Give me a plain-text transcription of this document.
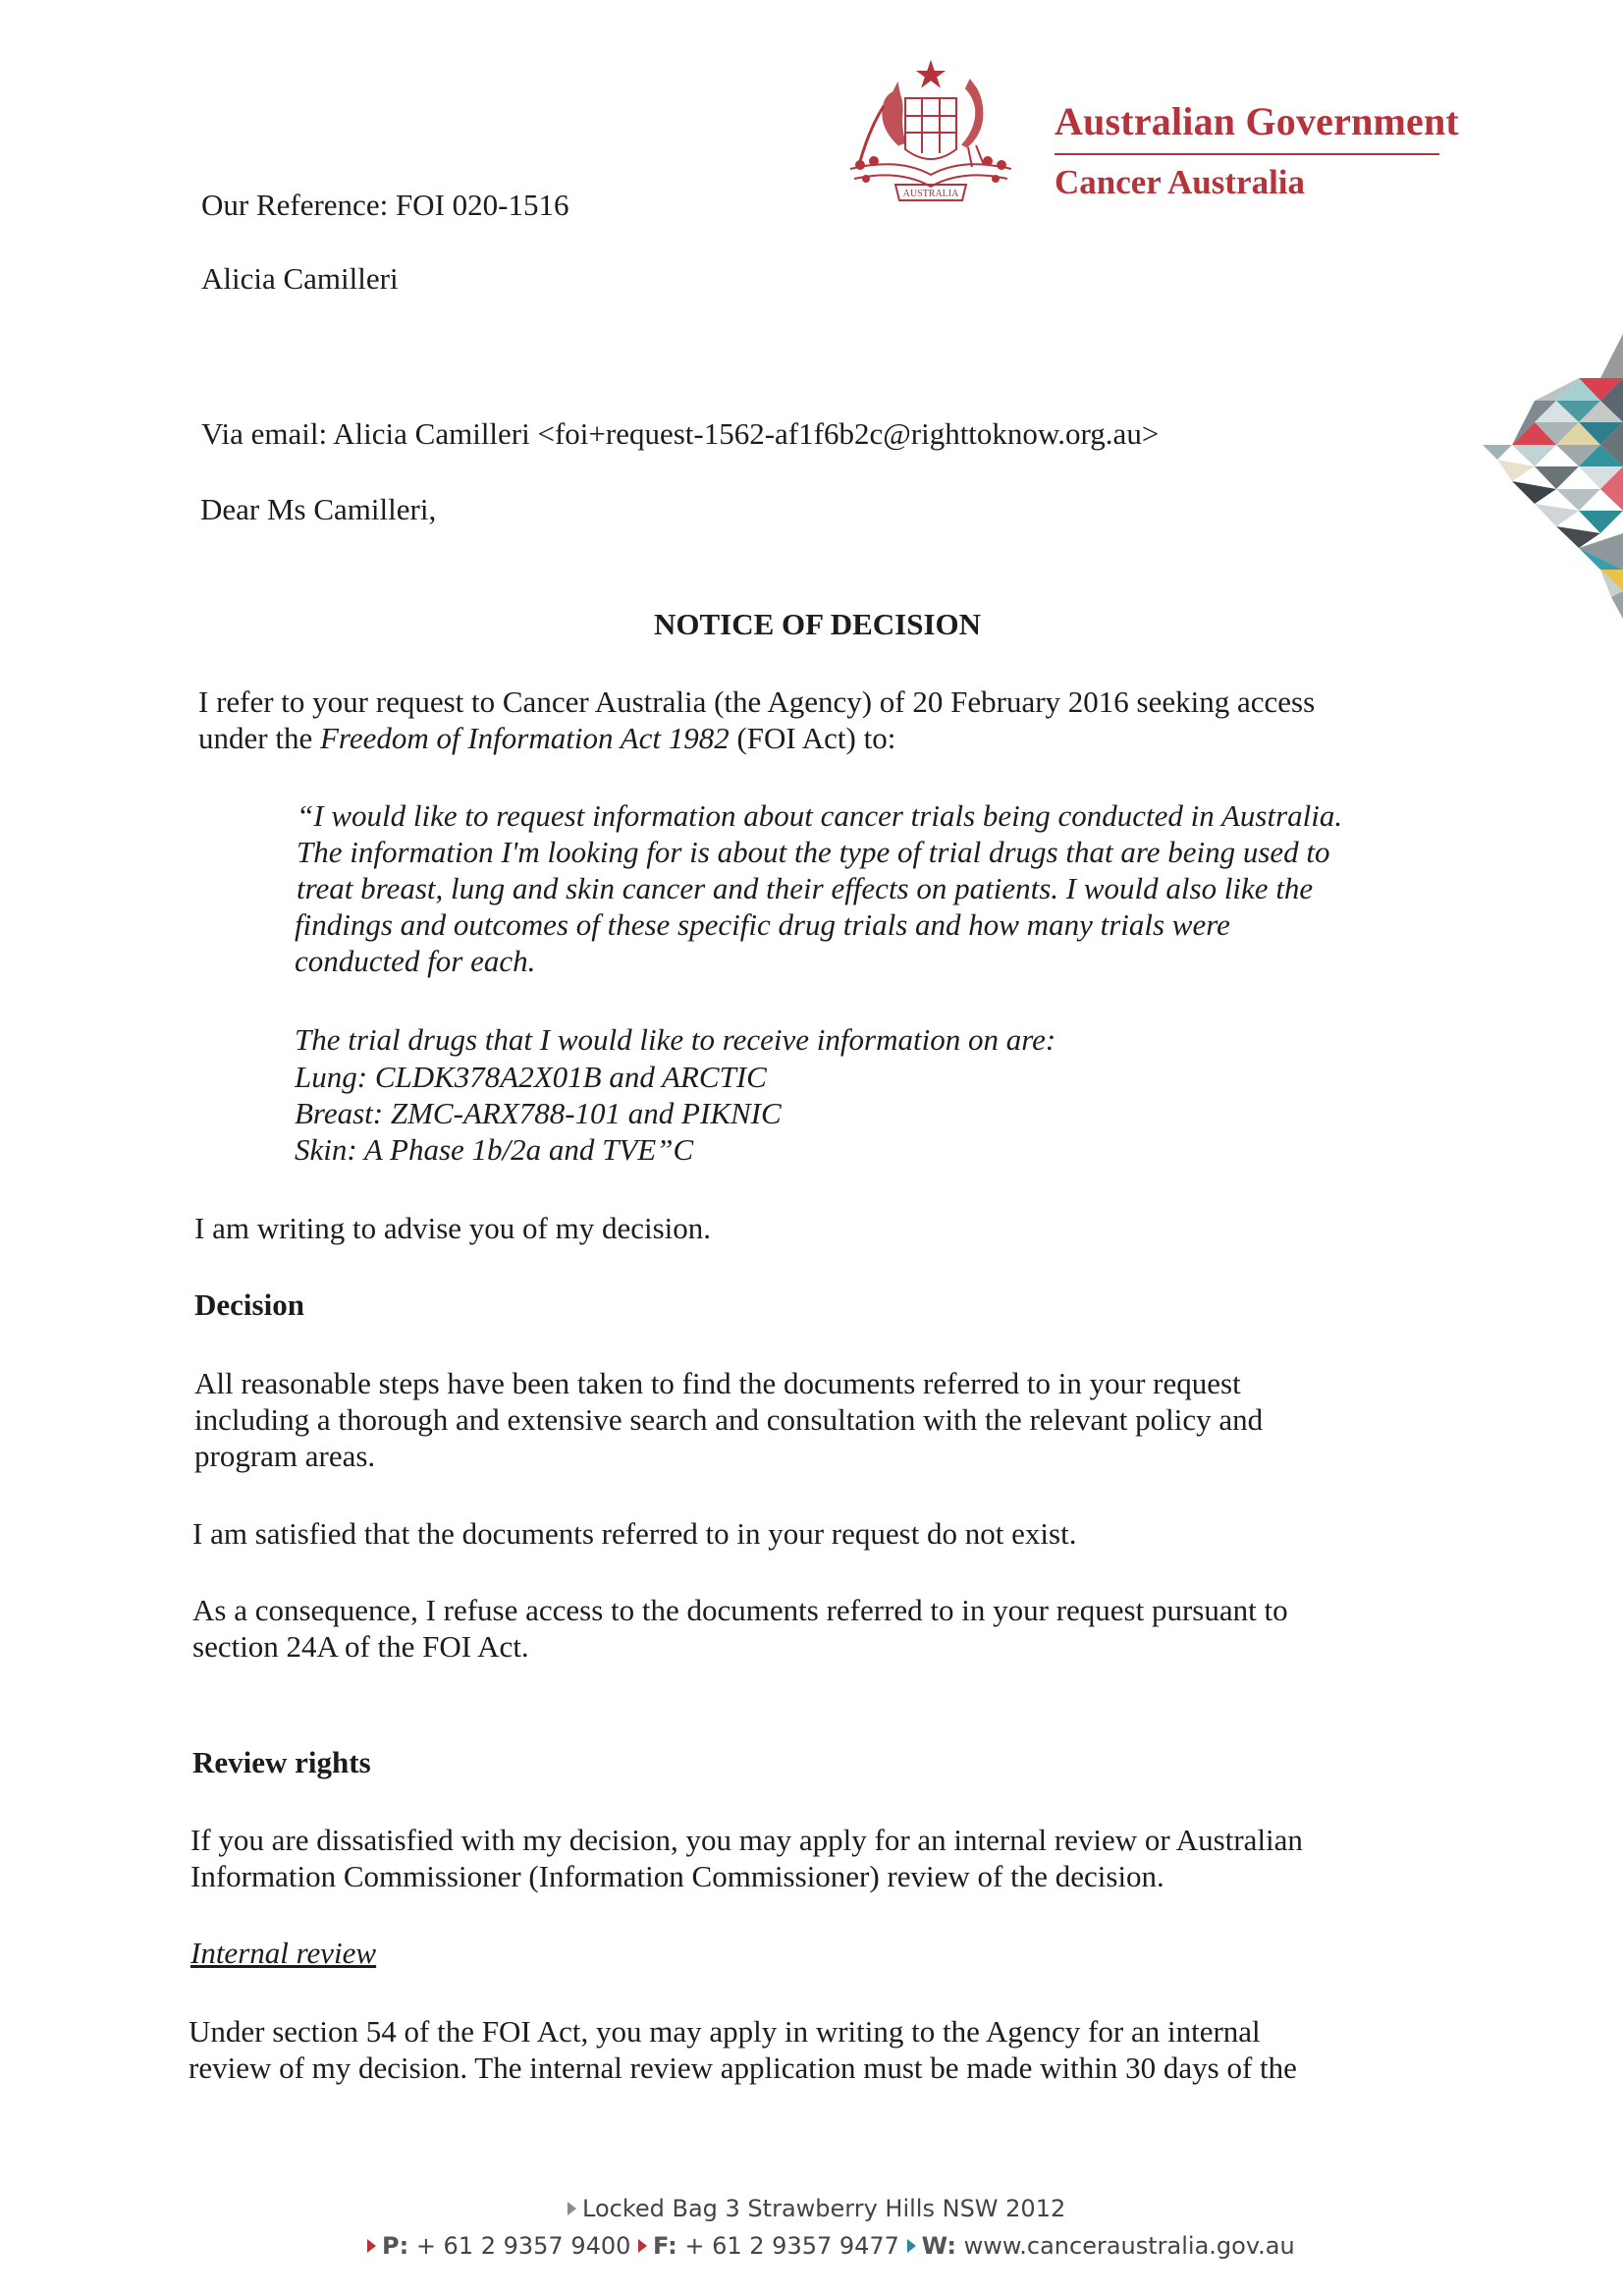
AUSTRALIA
Australian Government
Cancer Australia
Our Reference: FOI 020-1516
Alicia Camilleri
Via email: Alicia Camilleri <foi+request-1562-af1f6b2c@righttoknow.org.au>
Dear Ms Camilleri,
NOTICE OF DECISION
I refer to your request to Cancer Australia (the Agency) of 20 February 2016 seeking access
under the Freedom of Information Act 1982 (FOI Act) to:
“I would like to request information about cancer trials being conducted in Australia.
The information I'm looking for is about the type of trial drugs that are being used to
treat breast, lung and skin cancer and their effects on patients. I would also like the
findings and outcomes of these specific drug trials and how many trials were
conducted for each.
The trial drugs that I would like to receive information on are:
Lung: CLDK378A2X01B and ARCTIC
Breast: ZMC-ARX788-101 and PIKNIC
Skin: A Phase 1b/2a and TVE”C
I am writing to advise you of my decision.
Decision
All reasonable steps have been taken to find the documents referred to in your request
including a thorough and extensive search and consultation with the relevant policy and
program areas.
I am satisfied that the documents referred to in your request do not exist.
As a consequence, I refuse access to the documents referred to in your request pursuant to
section 24A of the FOI Act.
Review rights
If you are dissatisfied with my decision, you may apply for an internal review or Australian
Information Commissioner (Information Commissioner) review of the decision.
Internal review
Under section 54 of the FOI Act, you may apply in writing to the Agency for an internal
review of my decision. The internal review application must be made within 30 days of the
Locked Bag 3 Strawberry Hills NSW 2012
P: + 61 2 9357 9400 F: + 61 2 9357 9477 W: www.canceraustralia.gov.au
